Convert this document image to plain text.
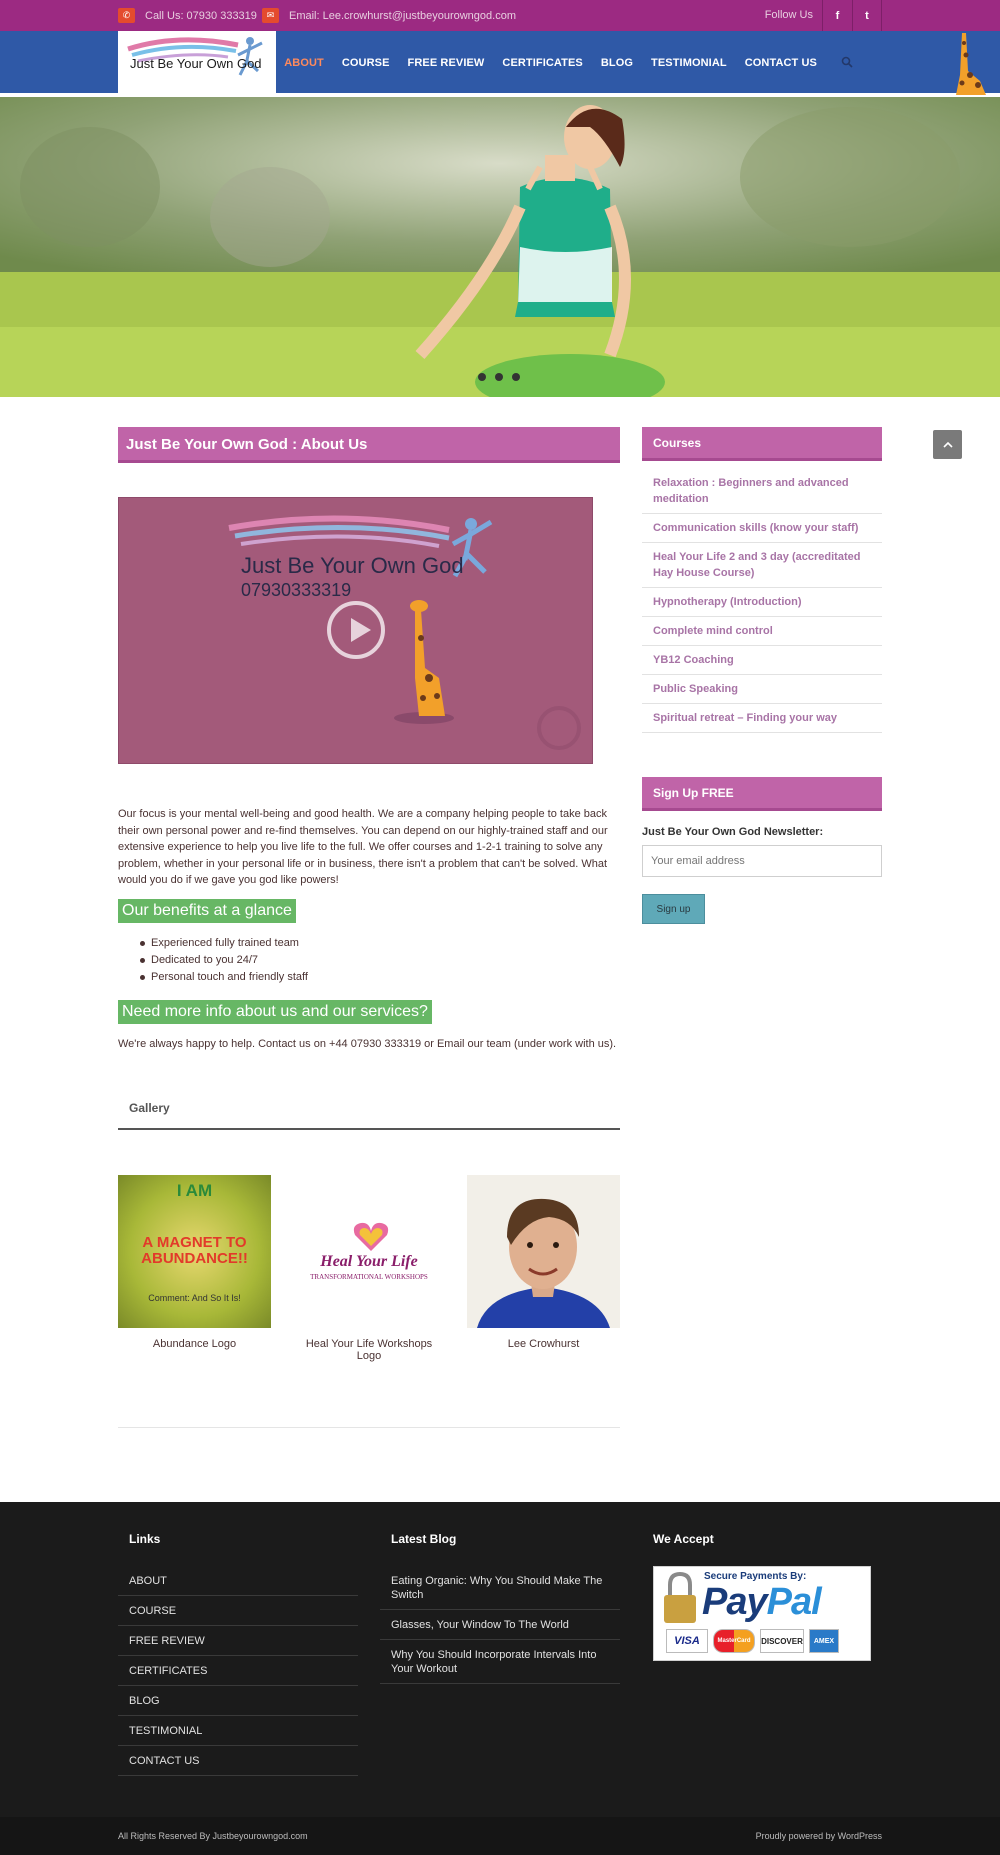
✆	Call Us: 07930 333319	✉	Email: Lee.crowhurst@justbeyourowngod.com	Follow Us	f	t
Just Be Your Own God ABOUT COURSE FREE REVIEW CERTIFICATES BLOG TESTIMONIAL CONTACT US
Just Be Your Own God : About Us
Just Be Your Own God
07930333319

Our focus is your mental well-being and good health. We are a company helping people to take back their own personal power and re-find themselves. You can depend on our highly-trained staff and our extensive experience to help you live life to the full. We offer courses and 1-2-1 training to solve any problem, whether in your personal life or in business, there isn't a problem that can't be solved. What would you do if we gave you god like powers!

Our benefits at a glance
Experienced fully trained team
Dedicated to you 24/7
Personal touch and friendly staff
Need more info about us and our services?

We're always happy to help. Contact us on +44 07930 333319 or Email our team (under work with us).

Gallery
I AM
A MAGNET TO ABUNDANCE!!
Comment: And So It Is!
Abundance Logo
Heal Your Life
TRANSFORMATIONAL WORKSHOPS
Heal Your Life Workshops Logo
Lee Crowhurst
Courses
Relaxation : Beginners and advanced meditation
Communication skills (know your staff)
Heal Your Life 2 and 3 day (accreditated Hay House Course)
Hypnotherapy (Introduction)
Complete mind control
YB12 Coaching
Public Speaking
Spiritual retreat – Finding your way
Sign Up FREE
Just Be Your Own God Newsletter:
Your email address
Sign up
Links
ABOUT
COURSE
FREE REVIEW
CERTIFICATES
BLOG
TESTIMONIAL
CONTACT US
Latest Blog
Eating Organic: Why You Should Make The Switch
Glasses, Your Window To The World
Why You Should Incorporate Intervals Into Your Workout
We Accept
Secure Payments By:
PayPal
VISA	MasterCard	DISCOVER	AMEX
All Rights Reserved By Justbeyourowngod.com	Proudly powered by WordPress
